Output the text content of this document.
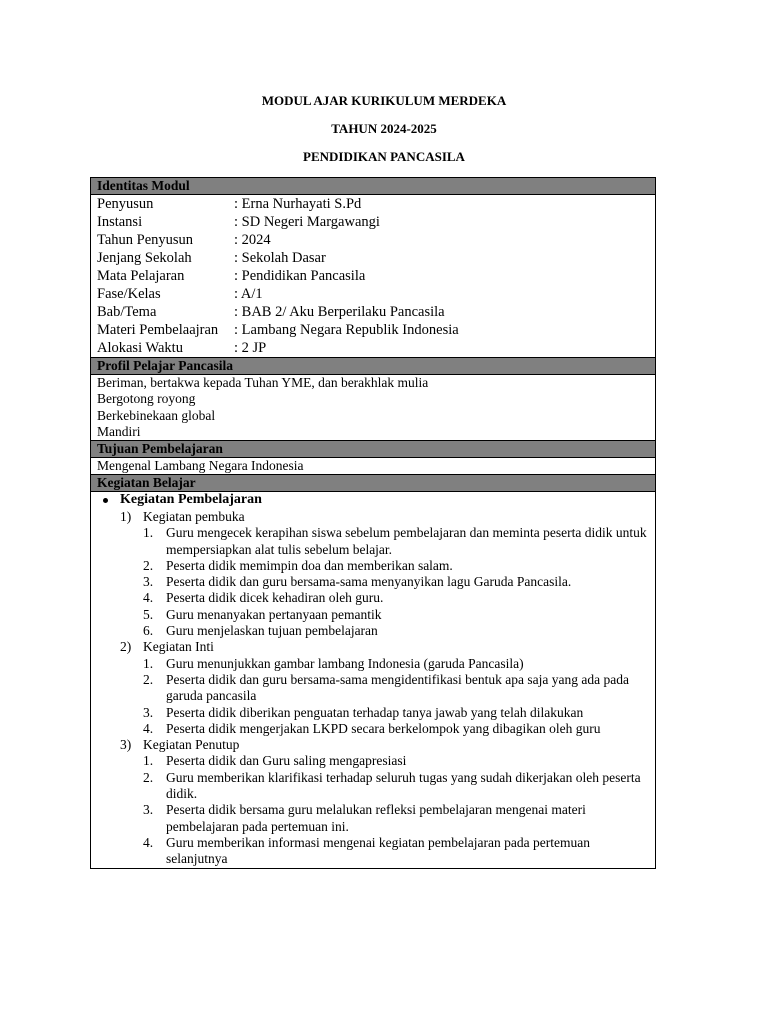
MODUL AJAR KURIKULUM MERDEKA
TAHUN 2024-2025
PENDIDIKAN PANCASILA
Identitas Modul
Penyusun	: Erna Nurhayati S.Pd
Instansi	: SD Negeri Margawangi
Tahun Penyusun	: 2024
Jenjang Sekolah	: Sekolah Dasar
Mata Pelajaran	: Pendidikan Pancasila
Fase/Kelas	: A/1
Bab/Tema	: BAB 2/ Aku Berperilaku Pancasila
Materi Pembelaajran	: Lambang Negara Republik Indonesia
Alokasi Waktu	: 2 JP
Profil Pelajar Pancasila
Beriman, bertakwa kepada Tuhan YME, dan berakhlak mulia
Bergotong royong
Berkebinekaan global
Mandiri
Tujuan Pembelajaran
Mengenal Lambang Negara Indonesia
Kegiatan Belajar
Kegiatan Pembelajaran
1) Kegiatan pembuka
1. Guru mengecek kerapihan siswa sebelum pembelajaran dan meminta peserta didik untuk mempersiapkan alat tulis sebelum belajar.
2. Peserta didik memimpin doa dan memberikan salam.
3. Peserta didik dan guru bersama-sama menyanyikan lagu Garuda Pancasila.
4. Peserta didik dicek kehadiran oleh guru.
5. Guru menanyakan pertanyaan pemantik
6. Guru menjelaskan tujuan pembelajaran
2) Kegiatan Inti
1. Guru menunjukkan gambar lambang Indonesia (garuda Pancasila)
2. Peserta didik dan guru bersama-sama mengidentifikasi bentuk apa saja yang ada pada garuda pancasila
3. Peserta didik diberikan penguatan terhadap tanya jawab yang telah dilakukan
4. Peserta didik mengerjakan LKPD secara berkelompok yang dibagikan oleh guru
3) Kegiatan Penutup
1. Peserta didik dan Guru saling mengapresiasi
2. Guru memberikan klarifikasi terhadap seluruh tugas yang sudah dikerjakan oleh peserta didik.
3. Peserta didik bersama guru melalukan refleksi pembelajaran mengenai materi pembelajaran pada pertemuan ini.
4. Guru memberikan informasi mengenai kegiatan pembelajaran pada pertemuan selanjutnya
